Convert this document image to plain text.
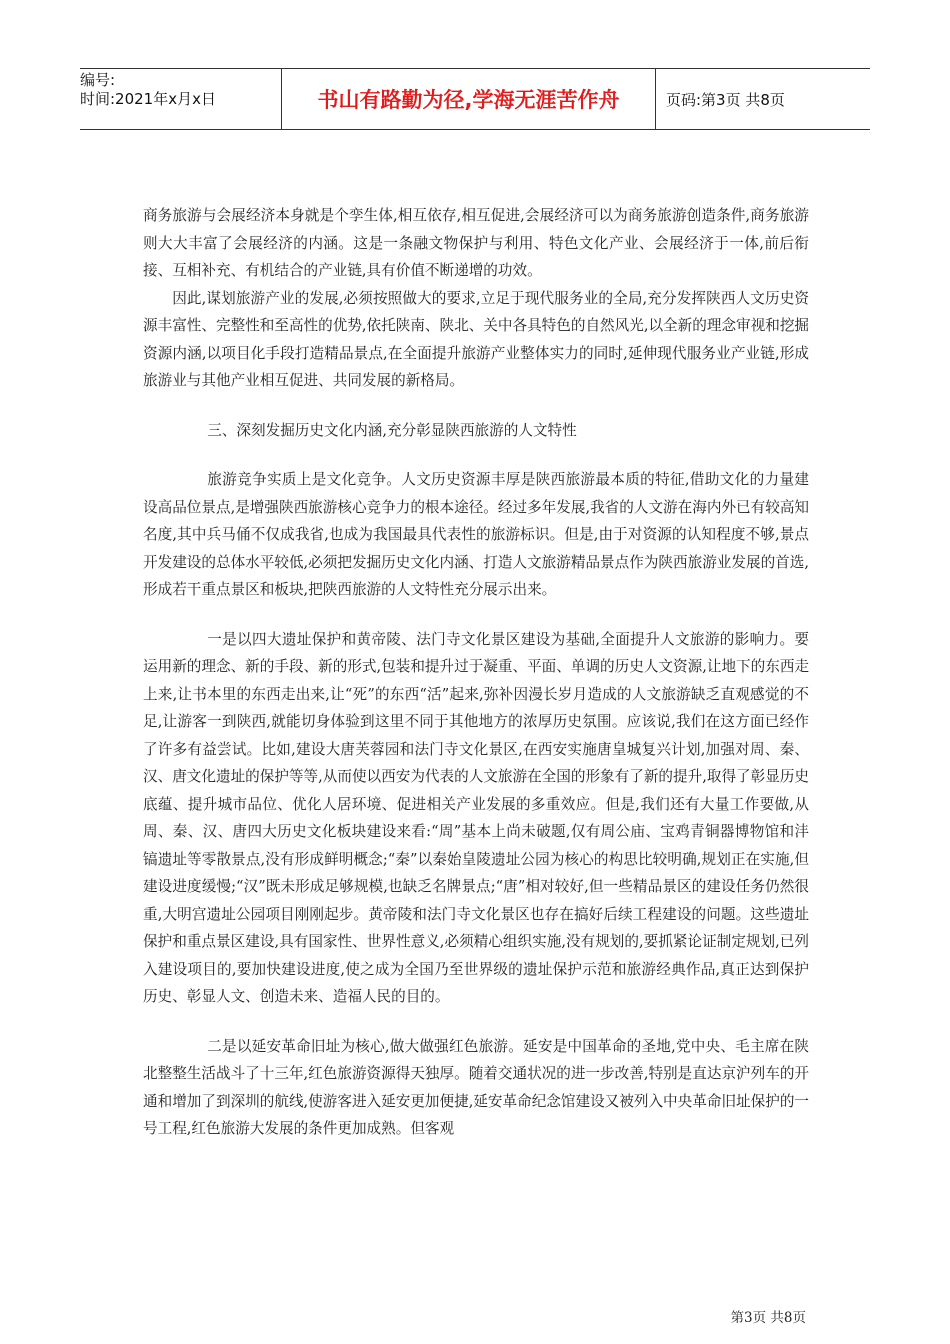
编号:
时间:2021年x月x日	书山有路勤为径,学海无涯苦作舟	页码:第3页 共8页

商务旅游与会展经济本身就是个孪生体,相互依存,相互促进,会展经济可以为商务旅游创造条件,商务旅游则大大丰富了会展经济的内涵。这是一条融文物保护与利用、特色文化产业、会展经济于一体,前后衔接、互相补充、有机结合的产业链,具有价值不断递增的功效。

因此,谋划旅游产业的发展,必须按照做大的要求,立足于现代服务业的全局,充分发挥陕西人文历史资源丰富性、完整性和至高性的优势,依托陕南、陕北、关中各具特色的自然风光,以全新的理念审视和挖掘资源内涵,以项目化手段打造精品景点,在全面提升旅游产业整体实力的同时,延伸现代服务业产业链,形成旅游业与其他产业相互促进、共同发展的新格局。

三、深刻发掘历史文化内涵,充分彰显陕西旅游的人文特性

旅游竞争实质上是文化竞争。人文历史资源丰厚是陕西旅游最本质的特征,借助文化的力量建设高品位景点,是增强陕西旅游核心竞争力的根本途径。经过多年发展,我省的人文游在海内外已有较高知名度,其中兵马俑不仅成我省,也成为我国最具代表性的旅游标识。但是,由于对资源的认知程度不够,景点开发建设的总体水平较低,必须把发掘历史文化内涵、打造人文旅游精品景点作为陕西旅游业发展的首选,形成若干重点景区和板块,把陕西旅游的人文特性充分展示出来。

一是以四大遗址保护和黄帝陵、法门寺文化景区建设为基础,全面提升人文旅游的影响力。要运用新的理念、新的手段、新的形式,包装和提升过于凝重、平面、单调的历史人文资源,让地下的东西走上来,让书本里的东西走出来,让“死”的东西“活”起来,弥补因漫长岁月造成的人文旅游缺乏直观感觉的不足,让游客一到陕西,就能切身体验到这里不同于其他地方的浓厚历史氛围。应该说,我们在这方面已经作了许多有益尝试。比如,建设大唐芙蓉园和法门寺文化景区,在西安实施唐皇城复兴计划,加强对周、秦、汉、唐文化遗址的保护等等,从而使以西安为代表的人文旅游在全国的形象有了新的提升,取得了彰显历史底蕴、提升城市品位、优化人居环境、促进相关产业发展的多重效应。但是,我们还有大量工作要做,从周、秦、汉、唐四大历史文化板块建设来看:“周”基本上尚未破题,仅有周公庙、宝鸡青铜器博物馆和沣镐遗址等零散景点,没有形成鲜明概念;“秦”以秦始皇陵遗址公园为核心的构思比较明确,规划正在实施,但建设进度缓慢;“汉”既未形成足够规模,也缺乏名牌景点;“唐”相对较好,但一些精品景区的建设任务仍然很重,大明宫遗址公园项目刚刚起步。黄帝陵和法门寺文化景区也存在搞好后续工程建设的问题。这些遗址保护和重点景区建设,具有国家性、世界性意义,必须精心组织实施,没有规划的,要抓紧论证制定规划,已列入建设项目的,要加快建设进度,使之成为全国乃至世界级的遗址保护示范和旅游经典作品,真正达到保护历史、彰显人文、创造未来、造福人民的目的。

二是以延安革命旧址为核心,做大做强红色旅游。延安是中国革命的圣地,党中央、毛主席在陕北整整生活战斗了十三年,红色旅游资源得天独厚。随着交通状况的进一步改善,特别是直达京沪列车的开通和增加了到深圳的航线,使游客进入延安更加便捷,延安革命纪念馆建设又被列入中央革命旧址保护的一号工程,红色旅游大发展的条件更加成熟。但客观

第3页 共8页
